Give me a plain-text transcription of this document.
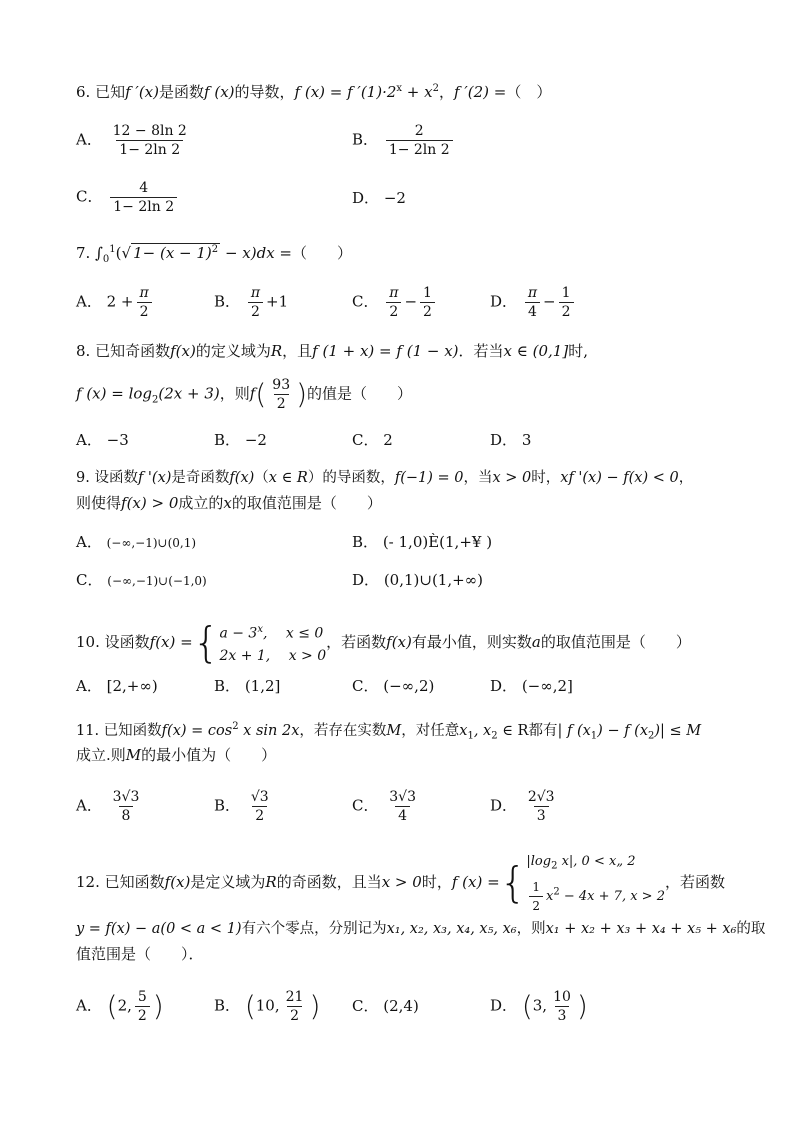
6. 已知f ′(x)是函数f (x)的导数，f (x) = f $'(1)\cdot 2^x + x^2$，f ′(2) =（　）
A． $\frac{12 - 8\ln 2}{1- 2\ln 2}$	B． $\frac{2}{1- 2\ln 2}$
C． $\frac{4}{1- 2\ln 2}$	D． −2
7. $\int_0^1(√$ $1- (x - 1)^2 - x)dx$ =（　　）
A． $2 + \frac{\pi}{2}$	B． $\frac{\pi}{2} +1$	C． $\frac{\pi}{2} - \frac{1}{2}$	D． $\frac{\pi}{4} - \frac{1}{2}$
8. 已知奇函数f(x)的定义域为R，且f (1 + x) = f (1 − x)．若当x ∈ (0,1]时,
f $(x) = \log_2(2x + 3)$，则$f( \frac{93}{2}$ )的值是（　　）
A． −3	B． −2	C． 2	D． 3
9. 设函数f '(x)是奇函数f(x)（x ∈ R）的导函数，f(−1) = 0，当x > 0时，xf '(x) − f(x) < 0，
则使得f(x) > 0成立的x的取值范围是（　　）
A． (−∞,−1)∪(0,1)	B． (- 1,0)È(1,+¥ )
C． (−∞,−1)∪(−1,0)	D． (0,1)∪(1,+∞)
10. 设函数f(x) ={ $a - 3^x$,　 x ≤ 0
2x + 1,　 x > 0
，若函数f(x)有最小值，则实数a的取值范围是（　　）
A． [2,+∞)	B． (1,2]	C． (−∞,2)	D． (−∞,2]
11. 已知函数$f(x) = \cos^2 x$ sin 2x，若存在实数M，对任意$x_1$, $x_2$ ∈ R都有| f $(x_1) - f$ $(x_2)| \le M$
成立.则M的最小值为（　　）
A． $\frac{3√3}{8}$	B． $\frac{√3}{2}$	C． $\frac{3√3}{4}$	D． $\frac{2√3}{3}$
12. 已知函数f(x)是定义域为R的奇函数，且当x > 0时，f (x) ={ $|\log_2$ x|, 0 < x„ 2
$\frac{1}{2} x^2 - 4x + 7$, x > 2
，若函数
y = f(x) − a(0 < a < 1)有六个零点，分别记为x₁, x₂, x₃, x₄, x₅, x₆，则x₁ + x₂ + x₃ + x₄ + x₅ + x₆的取
值范围是（　　）．
A． (2, $\frac{5}{2}$ )	B． (10, $\frac{21}{2}$ ) C． (2,4)	D． (3, $\frac{10}{3}$ )
